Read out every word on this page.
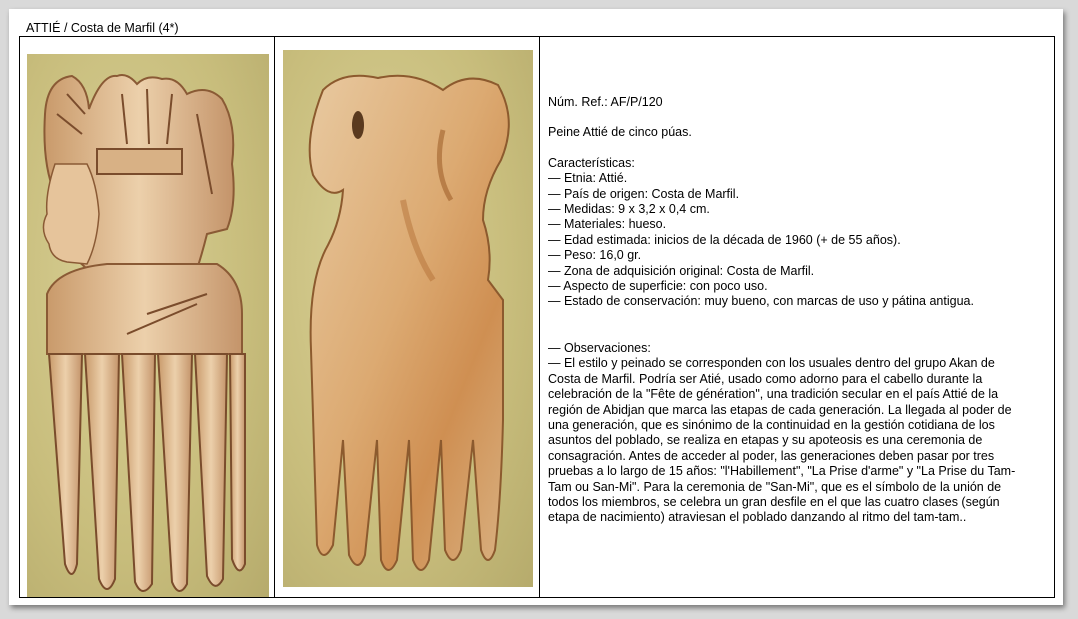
ATTIÉ / Costa de Marfil (4*)

Núm. Ref.: AF/P/120

Peine Attié de cinco púas.

Características:

— Etnia: Attié.

— País de origen: Costa de Marfil.

— Medidas: 9 x 3,2 x 0,4 cm.

— Materiales: hueso.

— Edad estimada: inicios de la década de 1960 (+ de 55 años).

— Peso: 16,0 gr.

— Zona de adquisición original: Costa de Marfil.

— Aspecto de superficie: con poco uso.

— Estado de conservación: muy bueno, con marcas de uso y pátina antigua.

— Observaciones:

— El estilo y peinado se corresponden con los usuales dentro del grupo Akan de

Costa de Marfil. Podría ser Atié, usado como adorno para el cabello durante la

celebración de la "Fête de génération", una tradición secular en el país Attié de la

región de Abidjan que marca las etapas de cada generación. La llegada al poder de

una generación, que es sinónimo de la continuidad en la gestión cotidiana de los

asuntos del poblado, se realiza en etapas y su apoteosis es una ceremonia de

consagración. Antes de acceder al poder, las generaciones deben pasar por tres

pruebas a lo largo de 15 años: "l'Habillement", "La Prise d'arme" y "La Prise du Tam-

Tam ou San-Mi". Para la ceremonia de "San-Mi", que es el símbolo de la unión de

todos los miembros, se celebra un gran desfile en el que las cuatro clases (según

etapa de nacimiento) atraviesan el poblado danzando al ritmo del tam-tam..
